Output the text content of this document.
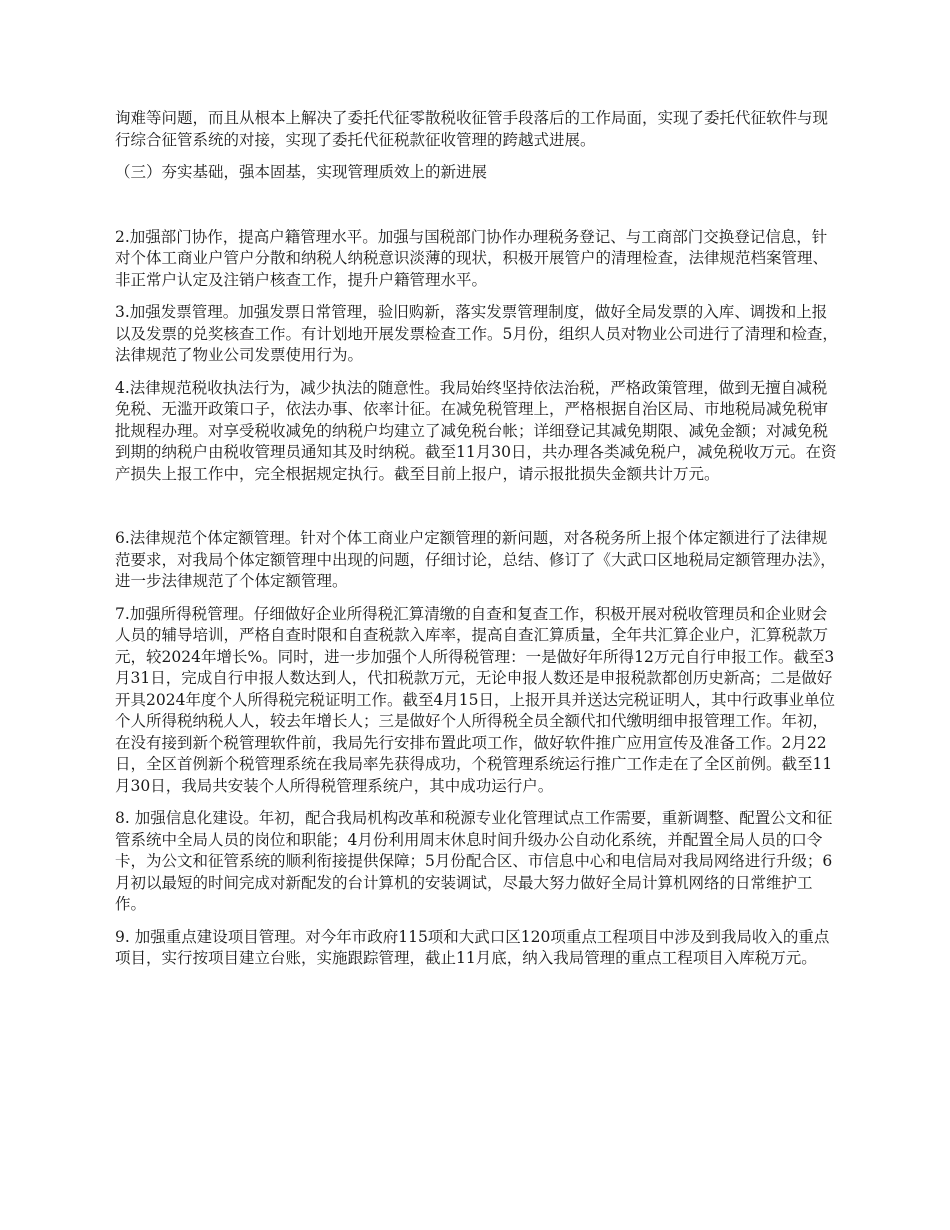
询难等问题，而且从根本上解决了委托代征零散税收征管手段落后的工作局面，实现了委托代征软件与现行综合征管系统的对接，实现了委托代征税款征收管理的跨越式进展。

（三）夯实基础，强本固基，实现管理质效上的新进展

2.加强部门协作，提高户籍管理水平。加强与国税部门协作办理税务登记、与工商部门交换登记信息，针对个体工商业户管户分散和纳税人纳税意识淡薄的现状，积极开展管户的清理检查，法律规范档案管理、非正常户认定及注销户核查工作，提升户籍管理水平。

3.加强发票管理。加强发票日常管理，验旧购新，落实发票管理制度，做好全局发票的入库、调拨和上报以及发票的兑奖核查工作。有计划地开展发票检查工作。5月份，组织人员对物业公司进行了清理和检查，法律规范了物业公司发票使用行为。

4.法律规范税收执法行为，减少执法的随意性。我局始终坚持依法治税，严格政策管理，做到无擅自减税免税、无滥开政策口子，依法办事、依率计征。在减免税管理上，严格根据自治区局、市地税局减免税审批规程办理。对享受税收减免的纳税户均建立了减免税台帐；详细登记其减免期限、减免金额；对减免税到期的纳税户由税收管理员通知其及时纳税。截至11月30日，共办理各类减免税户，减免税收万元。在资产损失上报工作中，完全根据规定执行。截至目前上报户，请示报批损失金额共计万元。

6.法律规范个体定额管理。针对个体工商业户定额管理的新问题，对各税务所上报个体定额进行了法律规范要求，对我局个体定额管理中出现的问题，仔细讨论，总结、修订了《大武口区地税局定额管理办法》，进一步法律规范了个体定额管理。

7.加强所得税管理。仔细做好企业所得税汇算清缴的自查和复查工作，积极开展对税收管理员和企业财会人员的辅导培训，严格自查时限和自查税款入库率，提高自查汇算质量，全年共汇算企业户，汇算税款万元，较2024年增长%。同时，进一步加强个人所得税管理：一是做好年所得12万元自行申报工作。截至3月31日，完成自行申报人数达到人，代扣税款万元，无论申报人数还是申报税款都创历史新高；二是做好开具2024年度个人所得税完税证明工作。截至4月15日，上报开具并送达完税证明人，其中行政事业单位个人所得税纳税人人，较去年增长人；三是做好个人所得税全员全额代扣代缴明细申报管理工作。年初，在没有接到新个税管理软件前，我局先行安排布置此项工作，做好软件推广应用宣传及准备工作。2月22日，全区首例新个税管理系统在我局率先获得成功，个税管理系统运行推广工作走在了全区前例。截至11月30日，我局共安装个人所得税管理系统户，其中成功运行户。

8. 加强信息化建设。年初，配合我局机构改革和税源专业化管理试点工作需要，重新调整、配置公文和征管系统中全局人员的岗位和职能；4月份利用周末休息时间升级办公自动化系统，并配置全局人员的口令卡，为公文和征管系统的顺利衔接提供保障；5月份配合区、市信息中心和电信局对我局网络进行升级；6月初以最短的时间完成对新配发的台计算机的安装调试，尽最大努力做好全局计算机网络的日常维护工作。

9. 加强重点建设项目管理。对今年市政府115项和大武口区120项重点工程项目中涉及到我局收入的重点项目，实行按项目建立台账，实施跟踪管理，截止11月底，纳入我局管理的重点工程项目入库税万元。
